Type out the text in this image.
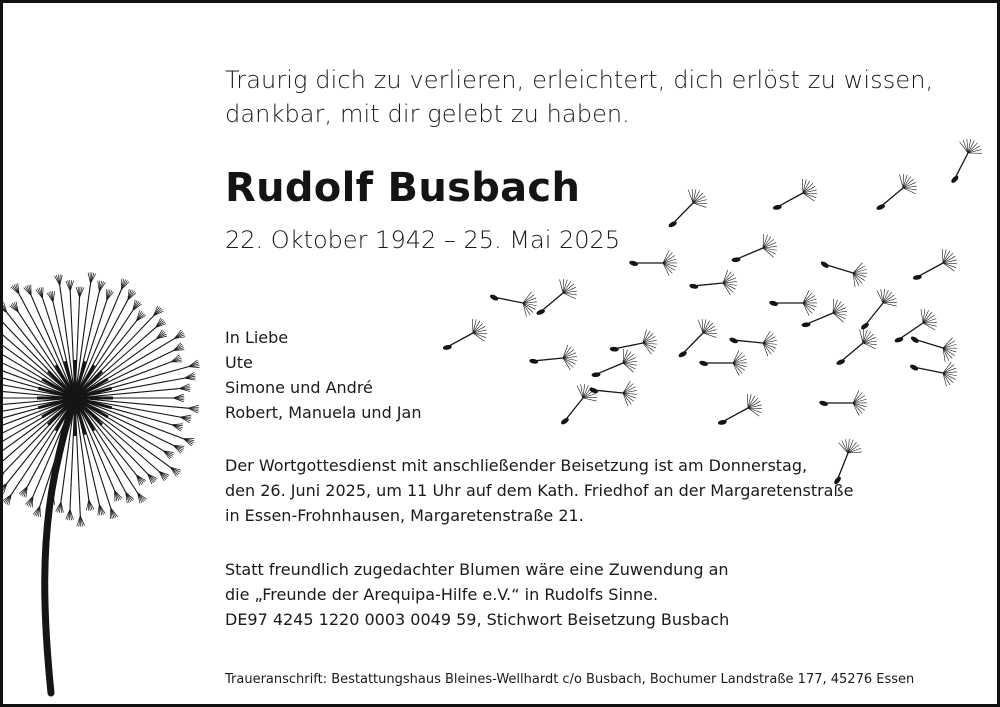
Traurig dich zu verlieren, erleichtert, dich erlöst zu wissen,
dankbar, mit dir gelebt zu haben.
Rudolf Busbach
22. Oktober 1942 – 25. Mai 2025
In Liebe
Ute
Simone und André
Robert, Manuela und Jan
Der Wortgottesdienst mit anschließender Beisetzung ist am Donnerstag,
den 26. Juni 2025, um 11 Uhr auf dem Kath. Friedhof an der Margaretenstraße
in Essen-Frohnhausen, Margaretenstraße 21.
Statt freundlich zugedachter Blumen wäre eine Zuwendung an
die „Freunde der Arequipa-Hilfe e.V.“ in Rudolfs Sinne.
DE97 4245 1220 0003 0049 59, Stichwort Beisetzung Busbach
Traueranschrift: Bestattungshaus Bleines-Wellhardt c/o Busbach, Bochumer Landstraße 177, 45276 Essen
